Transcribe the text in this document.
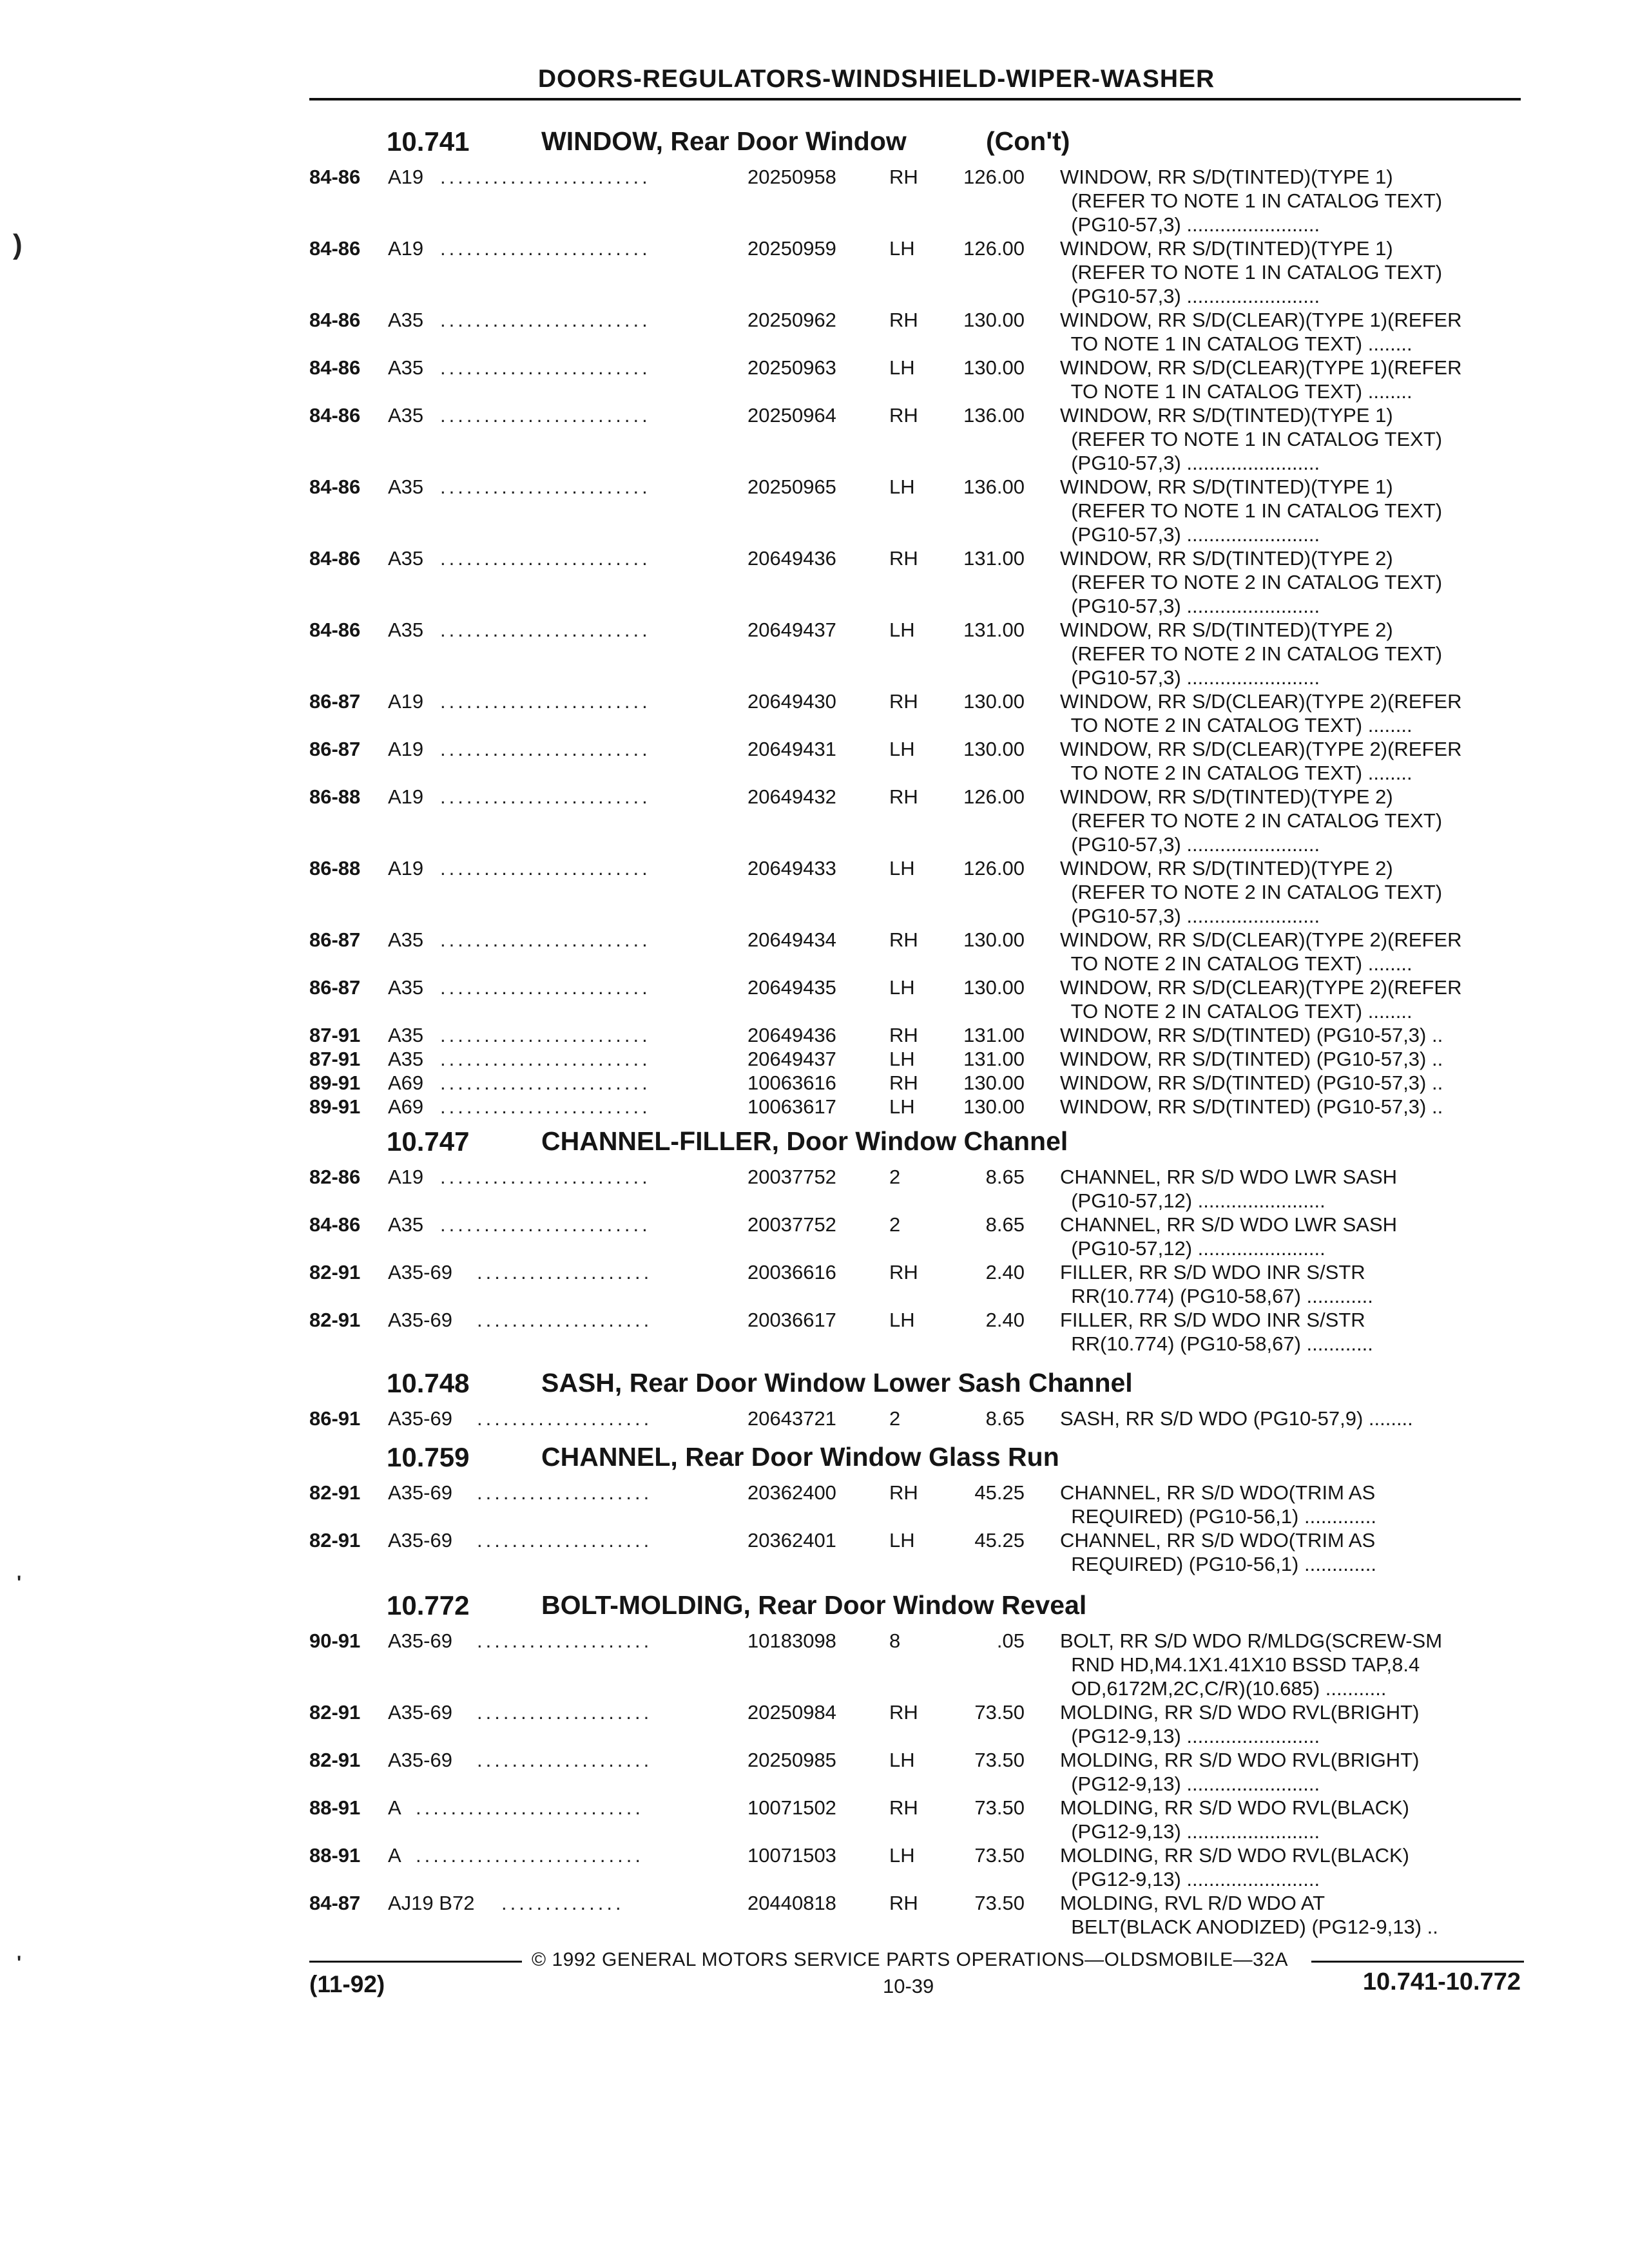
DOORS-REGULATORS-WINDSHIELD-WIPER-WASHER
)
'
'
10.741	WINDOW, Rear Door Window	(Con't)
84-86	A19 ........................	20250958	RH	126.00 WINDOW, RR S/D(TINTED)(TYPE 1)
(REFER TO NOTE 1 IN CATALOG TEXT)
(PG10-57,3) ........................
84-86	A19 ........................	20250959	LH	126.00 WINDOW, RR S/D(TINTED)(TYPE 1)
(REFER TO NOTE 1 IN CATALOG TEXT)
(PG10-57,3) ........................
84-86	A35 ........................	20250962	RH	130.00 WINDOW, RR S/D(CLEAR)(TYPE 1)(REFER
TO NOTE 1 IN CATALOG TEXT) ........
84-86	A35 ........................	20250963	LH	130.00 WINDOW, RR S/D(CLEAR)(TYPE 1)(REFER
TO NOTE 1 IN CATALOG TEXT) ........
84-86	A35 ........................	20250964	RH	136.00 WINDOW, RR S/D(TINTED)(TYPE 1)
(REFER TO NOTE 1 IN CATALOG TEXT)
(PG10-57,3) ........................
84-86	A35 ........................	20250965	LH	136.00 WINDOW, RR S/D(TINTED)(TYPE 1)
(REFER TO NOTE 1 IN CATALOG TEXT)
(PG10-57,3) ........................
84-86	A35 ........................	20649436	RH	131.00 WINDOW, RR S/D(TINTED)(TYPE 2)
(REFER TO NOTE 2 IN CATALOG TEXT)
(PG10-57,3) ........................
84-86	A35 ........................	20649437	LH	131.00 WINDOW, RR S/D(TINTED)(TYPE 2)
(REFER TO NOTE 2 IN CATALOG TEXT)
(PG10-57,3) ........................
86-87	A19 ........................	20649430	RH	130.00 WINDOW, RR S/D(CLEAR)(TYPE 2)(REFER
TO NOTE 2 IN CATALOG TEXT) ........
86-87	A19 ........................	20649431	LH	130.00 WINDOW, RR S/D(CLEAR)(TYPE 2)(REFER
TO NOTE 2 IN CATALOG TEXT) ........
86-88	A19 ........................	20649432	RH	126.00 WINDOW, RR S/D(TINTED)(TYPE 2)
(REFER TO NOTE 2 IN CATALOG TEXT)
(PG10-57,3) ........................
86-88	A19 ........................	20649433	LH	126.00 WINDOW, RR S/D(TINTED)(TYPE 2)
(REFER TO NOTE 2 IN CATALOG TEXT)
(PG10-57,3) ........................
86-87	A35 ........................	20649434	RH	130.00 WINDOW, RR S/D(CLEAR)(TYPE 2)(REFER
TO NOTE 2 IN CATALOG TEXT) ........
86-87	A35 ........................	20649435	LH	130.00 WINDOW, RR S/D(CLEAR)(TYPE 2)(REFER
TO NOTE 2 IN CATALOG TEXT) ........
87-91	A35 ........................	20649436	RH	131.00 WINDOW, RR S/D(TINTED) (PG10-57,3) ..
87-91	A35 ........................	20649437	LH	131.00 WINDOW, RR S/D(TINTED) (PG10-57,3) ..
89-91	A69 ........................	10063616	RH	130.00 WINDOW, RR S/D(TINTED) (PG10-57,3) ..
89-91	A69 ........................	10063617	LH	130.00 WINDOW, RR S/D(TINTED) (PG10-57,3) ..
10.747	CHANNEL-FILLER, Door Window Channel
82-86	A19 ........................	20037752	2	8.65 CHANNEL, RR S/D WDO LWR SASH
(PG10-57,12) .......................
84-86	A35 ........................	20037752	2	8.65 CHANNEL, RR S/D WDO LWR SASH
(PG10-57,12) .......................
82-91	A35-69 ....................	20036616	RH	2.40 FILLER, RR S/D WDO INR S/STR
RR(10.774) (PG10-58,67) ............
82-91	A35-69 ....................	20036617	LH	2.40 FILLER, RR S/D WDO INR S/STR
RR(10.774) (PG10-58,67) ............
10.748	SASH, Rear Door Window Lower Sash Channel
86-91	A35-69 ....................	20643721	2	8.65 SASH, RR S/D WDO (PG10-57,9) ........
10.759	CHANNEL, Rear Door Window Glass Run
82-91	A35-69 ....................	20362400	RH	45.25 CHANNEL, RR S/D WDO(TRIM AS
REQUIRED) (PG10-56,1) .............
82-91	A35-69 ....................	20362401	LH	45.25 CHANNEL, RR S/D WDO(TRIM AS
REQUIRED) (PG10-56,1) .............
10.772	BOLT-MOLDING, Rear Door Window Reveal
90-91	A35-69 ....................	10183098	8	.05 BOLT, RR S/D WDO R/MLDG(SCREW-SM
RND HD,M4.1X1.41X10 BSSD TAP,8.4
OD,6172M,2C,C/R)(10.685) ...........
82-91	A35-69 ....................	20250984	RH	73.50 MOLDING, RR S/D WDO RVL(BRIGHT)
(PG12-9,13) ........................
82-91	A35-69 ....................	20250985	LH	73.50 MOLDING, RR S/D WDO RVL(BRIGHT)
(PG12-9,13) ........................
88-91	A ..........................	10071502	RH	73.50 MOLDING, RR S/D WDO RVL(BLACK)
(PG12-9,13) ........................
88-91	A ..........................	10071503	LH	73.50 MOLDING, RR S/D WDO RVL(BLACK)
(PG12-9,13) ........................
84-87	AJ19 B72 ..............	20440818	RH	73.50 MOLDING, RVL R/D WDO AT
BELT(BLACK ANODIZED) (PG12-9,13) ..
© 1992 GENERAL MOTORS SERVICE PARTS OPERATIONS—OLDSMOBILE—32A
(11-92)	10-39	10.741-10.772
